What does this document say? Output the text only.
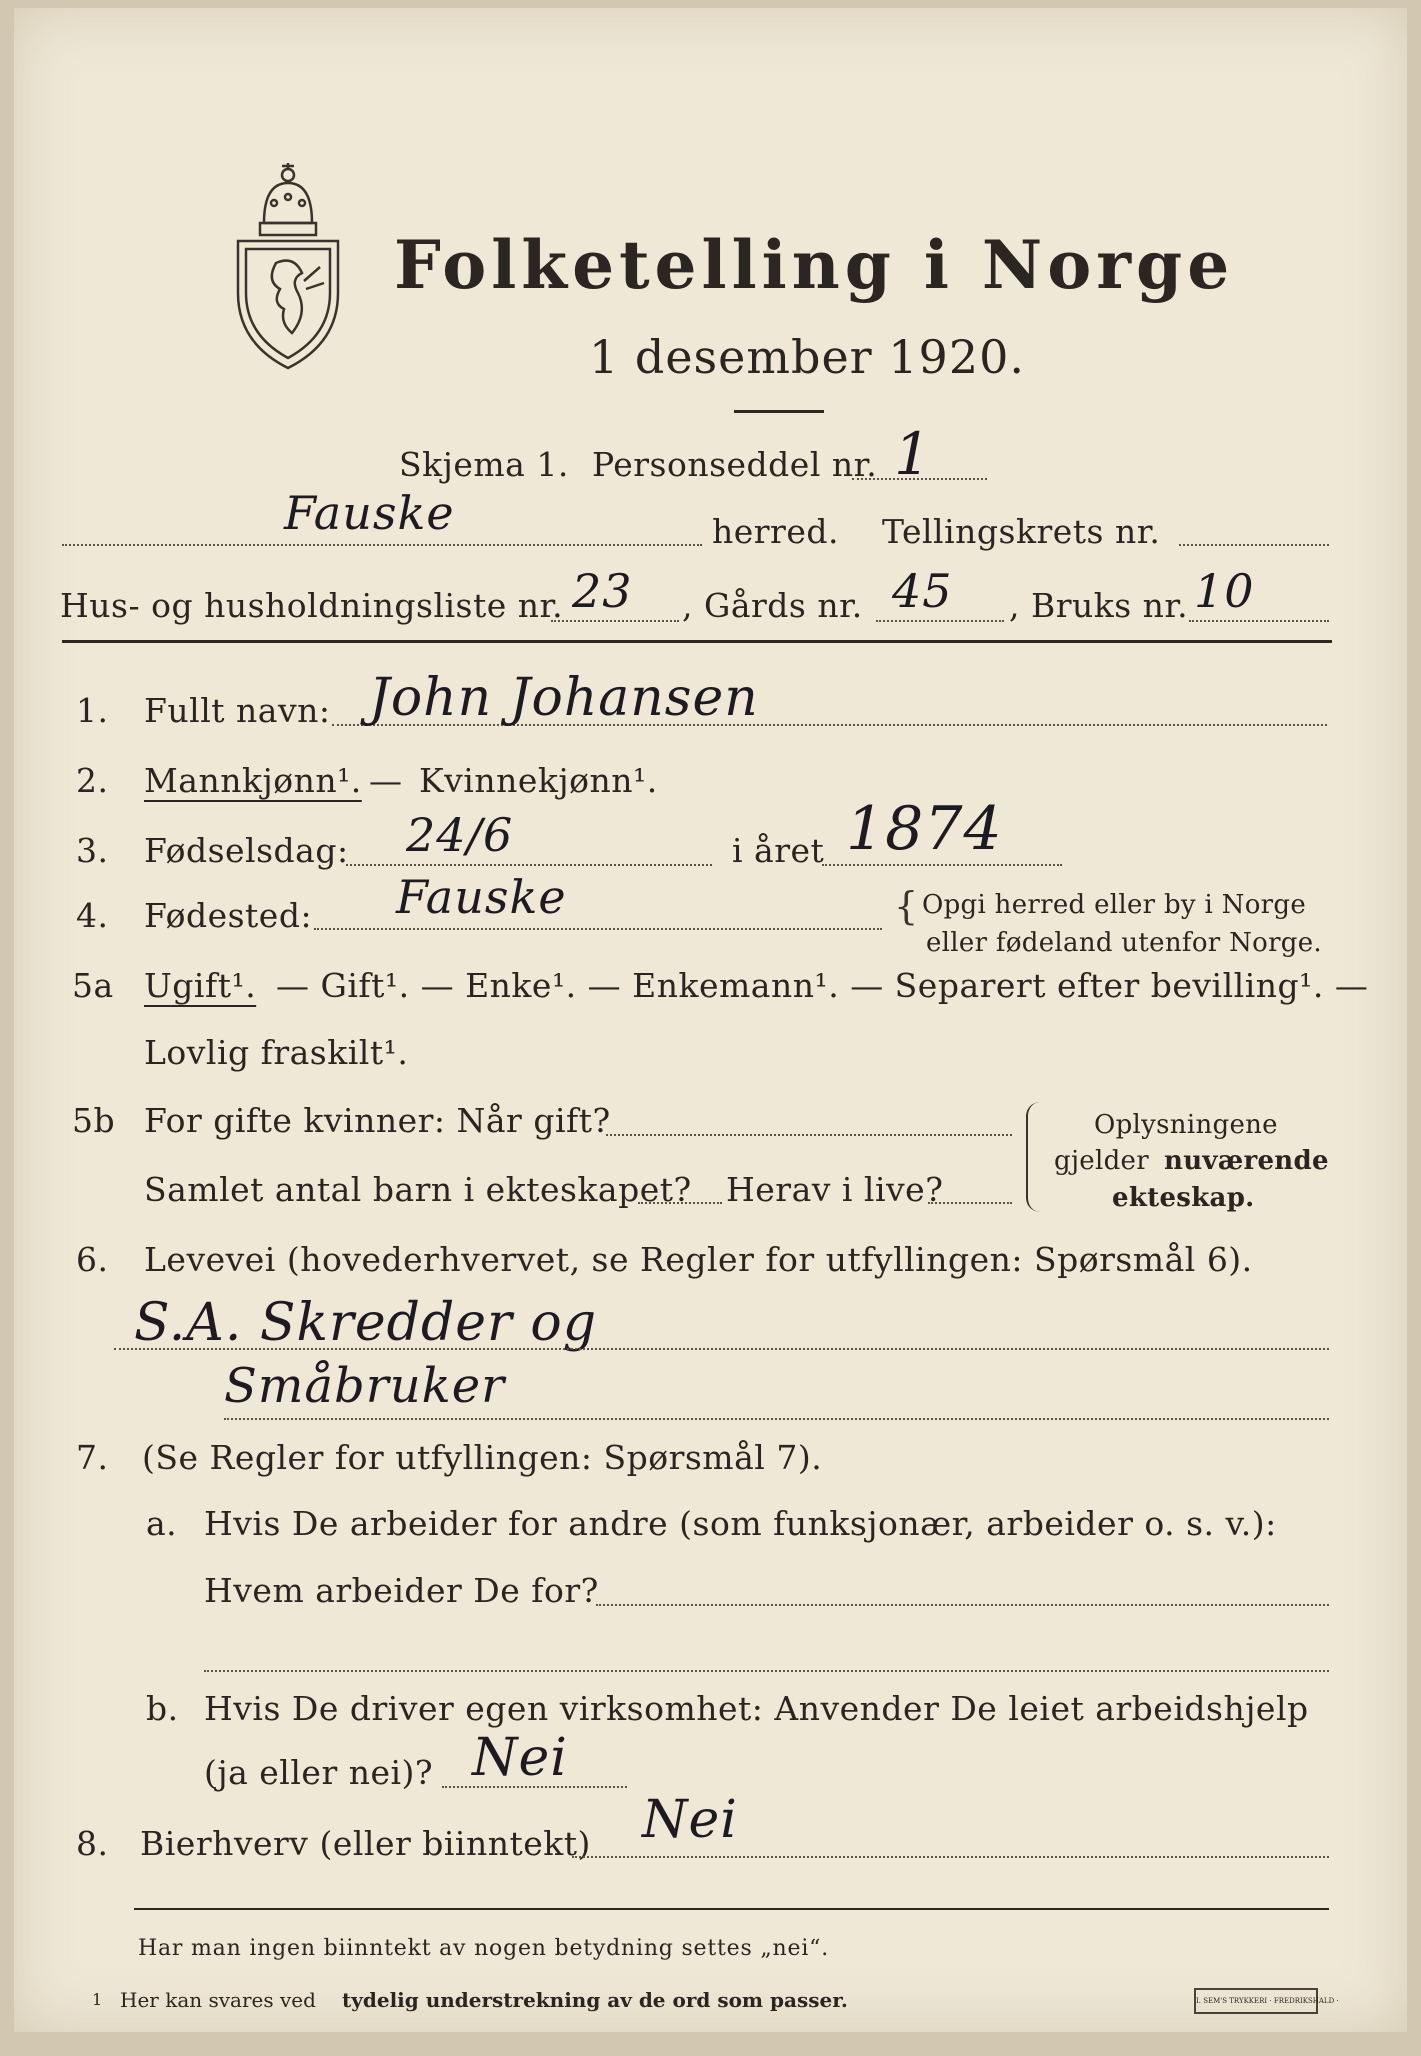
Folketelling i Norge
1 desember 1920.
Skjema 1. Personseddel nr. 1
Fauske	herred. Tellingskrets nr.
Hus- og husholdningsliste nr. 23 , Gårds nr. 45 , Bruks nr. 10
1. Fullt navn: John Johansen
2. Mannkjønn¹. — Kvinnekjønn¹.
3. Fødselsdag: 24/6	i året 1874
4. Fødested: Fauske	{ Opgi herred eller by i Norge
eller fødeland utenfor Norge.
5a Ugift¹. — Gift¹. — Enke¹. — Enkemann¹. — Separert efter bevilling¹. —
Lovlig fraskilt¹.
5b For gifte kvinner: Når gift?
Samlet antal barn i ekteskapet? Herav i live?
Oplysningene
gjelder nuværende
ekteskap.
6. Levevei (hovederhvervet, se Regler for utfyllingen: Spørsmål 6).
S.A. Skredder og
Småbruker
7. (Se Regler for utfyllingen: Spørsmål 7).
a. Hvis De arbeider for andre (som funksjonær, arbeider o. s. v.):
Hvem arbeider De for?
b. Hvis De driver egen virksomhet: Anvender De leiet arbeidshjelp
(ja eller nei)? Nei
8. Bierhverv (eller biinntekt) Nei
Har man ingen biinntekt av nogen betydning settes „nei“.
1 Her kan svares ved tydelig understrekning av de ord som passer.	I. SEM'S TRYKKERI · FREDRIKSHALD ·
